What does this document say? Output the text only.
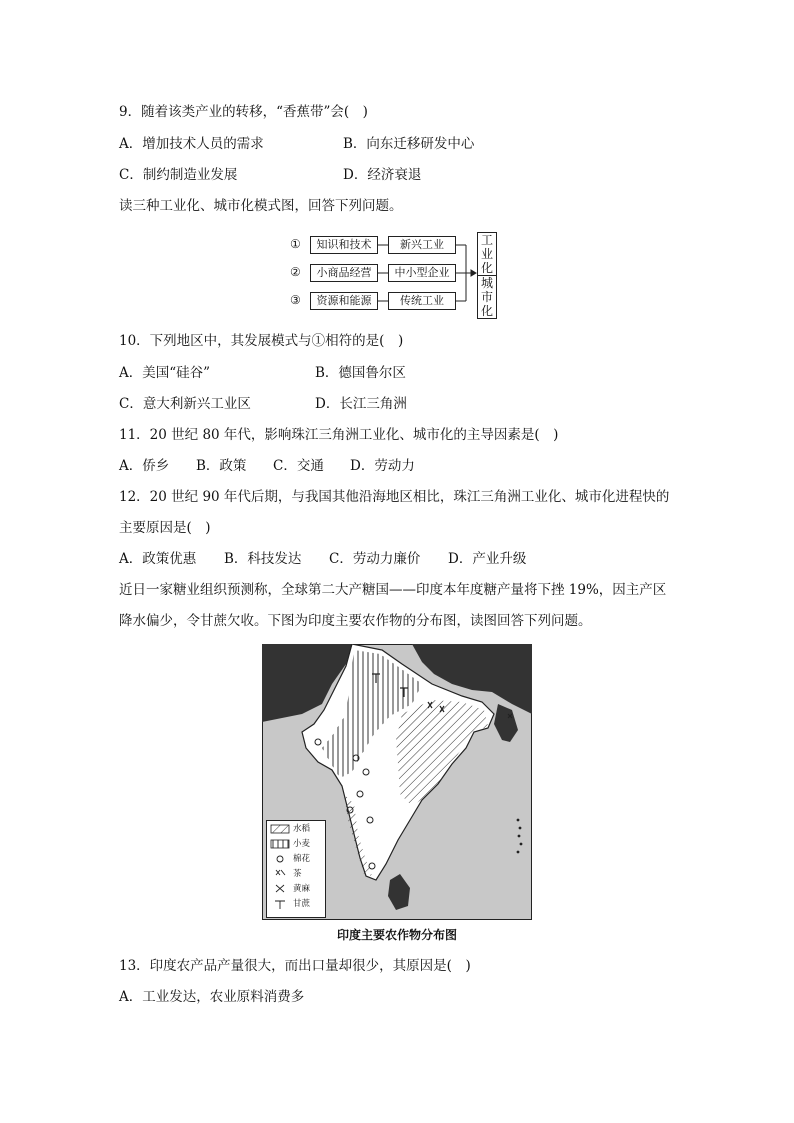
9．随着该类产业的转移，“香蕉带”会(　)
A．增加技术人员的需求	B．向东迁移研发中心
C．制约制造业发展	D．经济衰退
读三种工业化、城市化模式图，回答下列问题。
①
②
③
知识和技术
小商品经营
资源和能源
新兴工业
中小型企业
传统工业
工业化
城市化
10．下列地区中，其发展模式与①相符的是(　)
A．美国“硅谷”	B．德国鲁尔区
C．意大利新兴工业区	D．长江三角洲
11．20 世纪 80 年代，影响珠江三角洲工业化、城市化的主导因素是(　)
A．侨乡 B．政策 C．交通 D．劳动力
12．20 世纪 90 年代后期，与我国其他沿海地区相比，珠江三角洲工业化、城市化进程快的
主要原因是(　)
A．政策优惠 B．科技发达 C．劳动力廉价 D．产业升级
近日一家糖业组织预测称，全球第二大产糖国——印度本年度糖产量将下挫 19%，因主产区
降水偏少，令甘蔗欠收。下图为印度主要农作物的分布图，读图回答下列问题。
水稻
小麦
棉花
茶
黄麻
甘蔗
印度主要农作物分布图
13．印度农产品产量很大，而出口量却很少，其原因是(　)
A．工业发达，农业原料消费多
